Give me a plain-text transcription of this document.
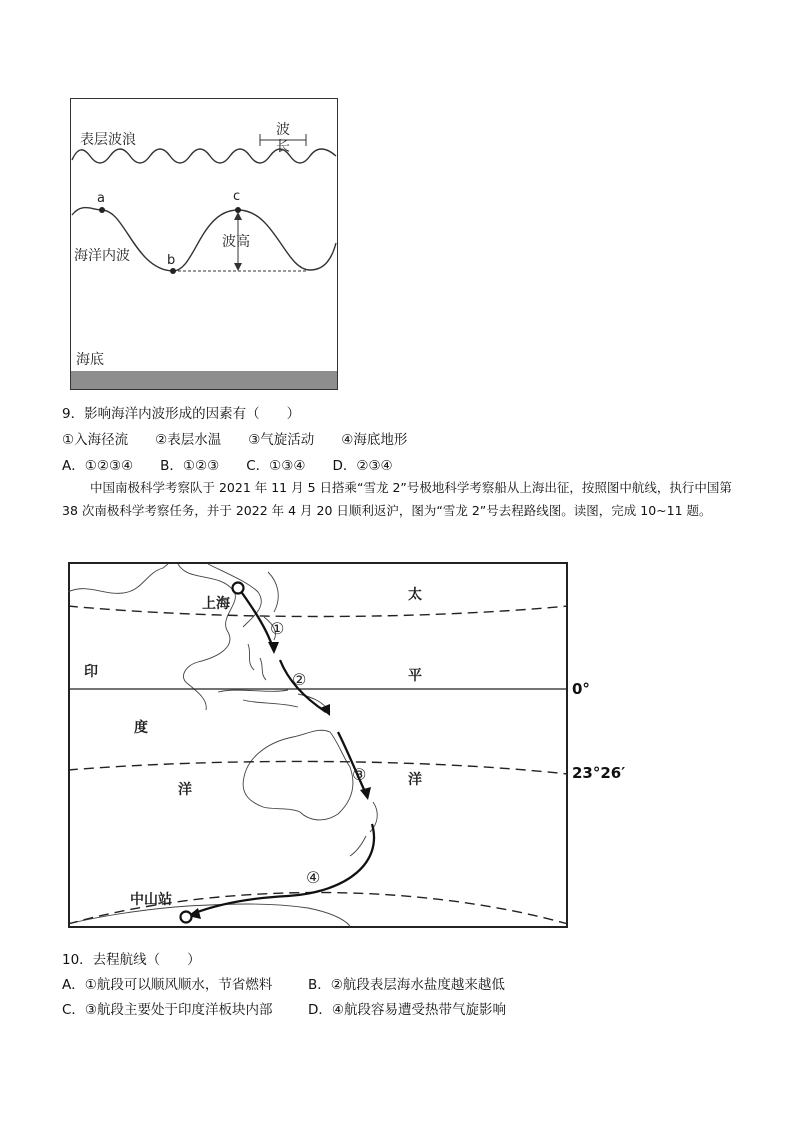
表层波浪
波
长
a
b
c
波高
海洋内波
海底
9．影响海洋内波形成的因素有（　　）
①入海径流　　②表层水温　　③气旋活动　　④海底地形
A．①②③④　　B．①②③　　C．①③④　　D．②③④
中国南极科学考察队于 2021 年 11 月 5 日搭乘“雪龙 2”号极地科学考察船从上海出征，按照图中航线，执行中国第 38 次南极科学考察任务，并于 2022 年 4 月 20 日顺利返沪，图为“雪龙 2”号去程路线图。读图，完成 10~11 题。
上海
①
②
③
④
太
平
洋
印
度
洋
中山站
0°
23°26′
10．去程航线（　　）
A．①航段可以顺风顺水，节省燃料	B．②航段表层海水盐度越来越低
C．③航段主要处于印度洋板块内部	D．④航段容易遭受热带气旋影响
